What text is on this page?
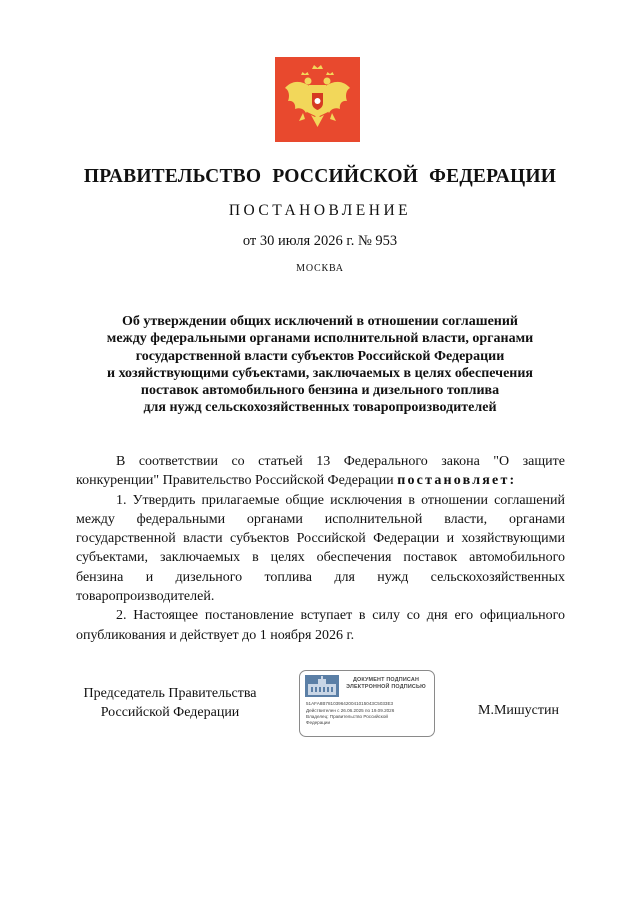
ПРАВИТЕЛЬСТВО РОССИЙСКОЙ ФЕДЕРАЦИИ
ПОСТАНОВЛЕНИЕ
от 30 июля 2026 г. № 953
МОСКВА
Об утверждении общих исключений в отношении соглашений
между федеральными органами исполнительной власти, органами
государственной власти субъектов Российской Федерации
и хозяйствующими субъектами, заключаемых в целях обеспечения
поставок автомобильного бензина и дизельного топлива
для нужд сельскохозяйственных товаропроизводителей

В соответствии со статьей 13 Федерального закона "О защите конкуренции" Правительство Российской Федерации постановляет:

1. Утвердить прилагаемые общие исключения в отношении соглашений между федеральными органами исполнительной власти, органами государственной власти субъектов Российской Федерации и хозяйствующими субъектами, заключаемых в целях обеспечения поставок автомобильного бензина и дизельного топлива для нужд сельскохозяйственных товаропроизводителей.

2. Настоящее постановление вступает в силу со дня его официального опубликования и действует до 1 ноября 2026 г.

Председатель Правительства
Российской Федерации
ДОКУМЕНТ ПОДПИСАН
ЭЛЕКТРОННОЙ ПОДПИСЬЮ
51AFA8B7810396420041015043C5033E3
Действителен с 26.06.2025 по 19.09.2026
Владелец: Правительство Российской
Федерации
М.Мишустин
